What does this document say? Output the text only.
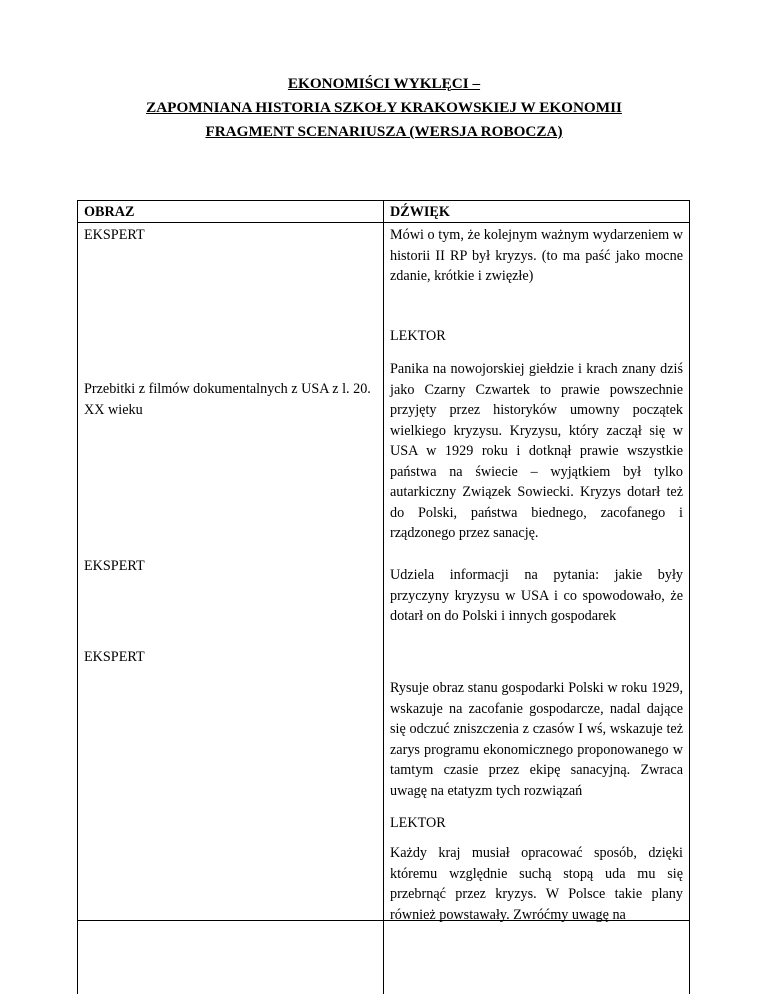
EKONOMIŚCI WYKLĘCI –
ZAPOMNIANA HISTORIA SZKOŁY KRAKOWSKIEJ W EKONOMII
FRAGMENT SCENARIUSZA (WERSJA ROBOCZA)
OBRAZ	DŹWIĘK
EKSPERT
Przebitki z filmów dokumentalnych z USA z l. 20. XX wieku
EKSPERT
EKSPERT
Mówi o tym, że kolejnym ważnym wydarzeniem w historii II RP był kryzys. (to ma paść jako mocne zdanie, krótkie i zwięzłe)
LEKTOR
Panika na nowojorskiej giełdzie i krach znany dziś jako Czarny Czwartek to prawie powszechnie przyjęty przez historyków umowny początek wielkiego kryzysu. Kryzysu, który zaczął się w USA w 1929 roku i dotknął prawie wszystkie państwa na świecie – wyjątkiem był tylko autarkiczny Związek Sowiecki. Kryzys dotarł też do Polski, państwa biednego, zacofanego i rządzonego przez sanację.
Udziela informacji na pytania: jakie były przyczyny kryzysu w USA i co spowodowało, że dotarł on do Polski i innych gospodarek
Rysuje obraz stanu gospodarki Polski w roku 1929, wskazuje na zacofanie gospodarcze, nadal dające się odczuć zniszczenia z czasów I wś, wskazuje też zarys programu ekonomicznego proponowanego w tamtym czasie przez ekipę sanacyjną. Zwraca uwagę na etatyzm tych rozwiązań
LEKTOR
Każdy kraj musiał opracować sposób, dzięki któremu względnie suchą stopą uda mu się przebrnąć przez kryzys. W Polsce takie plany również powstawały. Zwróćmy uwagę na
